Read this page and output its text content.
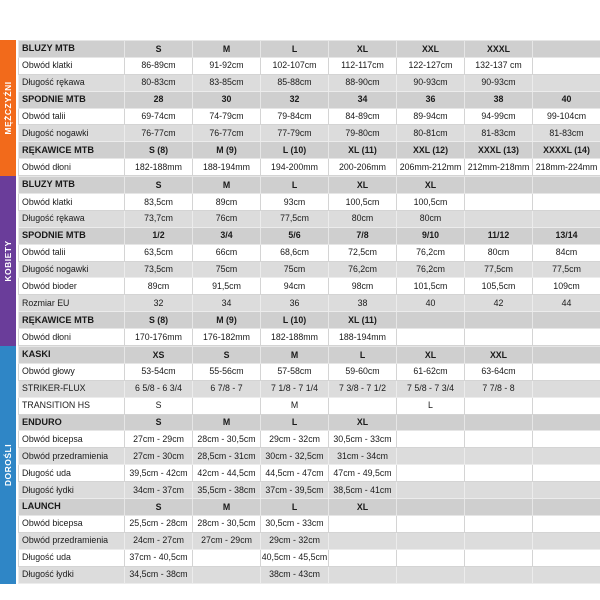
MĘŻCZYŹNI
BLUZY MTB	S	M	L	XL	XXL	XXXL	
Obwód klatki	86-89cm	91-92cm	102-107cm	112-117cm	122-127cm	132-137 cm	
Długość rękawa	80-83cm	83-85cm	85-88cm	88-90cm	90-93cm	90-93cm	
SPODNIE MTB	28	30	32	34	36	38	40
Obwód talii	69-74cm	74-79cm	79-84cm	84-89cm	89-94cm	94-99cm	99-104cm
Długość nogawki	76-77cm	76-77cm	77-79cm	79-80cm	80-81cm	81-83cm	81-83cm
RĘKAWICE MTB	S (8)	M (9)	L (10)	XL (11)	XXL (12)	XXXL (13)	XXXXL (14)
Obwód dłoni	182-188mm	188-194mm	194-200mm	200-206mm	206mm-212mm	212mm-218mm	218mm-224mm
KOBIETY
BLUZY MTB	S	M	L	XL	XL		
Obwód klatki	83,5cm	89cm	93cm	100,5cm	100,5cm		
Długość rękawa	73,7cm	76cm	77,5cm	80cm	80cm		
SPODNIE MTB	1/2	3/4	5/6	7/8	9/10	11/12	13/14
Obwód talii	63,5cm	66cm	68,6cm	72,5cm	76,2cm	80cm	84cm
Długość nogawki	73,5cm	75cm	75cm	76,2cm	76,2cm	77,5cm	77,5cm
Obwód bioder	89cm	91,5cm	94cm	98cm	101,5cm	105,5cm	109cm
Rozmiar EU	32	34	36	38	40	42	44
RĘKAWICE MTB	S (8)	M (9)	L (10)	XL (11)			
Obwód dłoni	170-176mm	176-182mm	182-188mm	188-194mm			
DOROŚLI
KASKI	XS	S	M	L	XL	XXL	
Obwód głowy	53-54cm	55-56cm	57-58cm	59-60cm	61-62cm	63-64cm	
STRIKER-FLUX	6 5/8 - 6 3/4	6 7/8 - 7	7 1/8 - 7 1/4	7 3/8 - 7 1/2	7 5/8 - 7 3/4	7 7/8 - 8	
TRANSITION HS	S		M		L		
ENDURO	S	M	L	XL			
Obwód bicepsa	27cm - 29cm	28cm - 30,5cm	29cm - 32cm	30,5cm - 33cm			
Obwód przedramienia	27cm - 30cm	28,5cm - 31cm	30cm - 32,5cm	31cm - 34cm			
Długość uda	39,5cm - 42cm	42cm - 44,5cm	44,5cm - 47cm	47cm - 49,5cm			
Długość łydki	34cm - 37cm	35,5cm - 38cm	37cm - 39,5cm	38,5cm - 41cm			
LAUNCH	S	M	L	XL			
Obwód bicepsa	25,5cm - 28cm	28cm - 30,5cm	30,5cm - 33cm				
Obwód przedramienia	24cm - 27cm	27cm - 29cm	29cm - 32cm				
Długość uda	37cm - 40,5cm		40,5cm - 45,5cm				
Długość łydki	34,5cm - 38cm		38cm - 43cm				
